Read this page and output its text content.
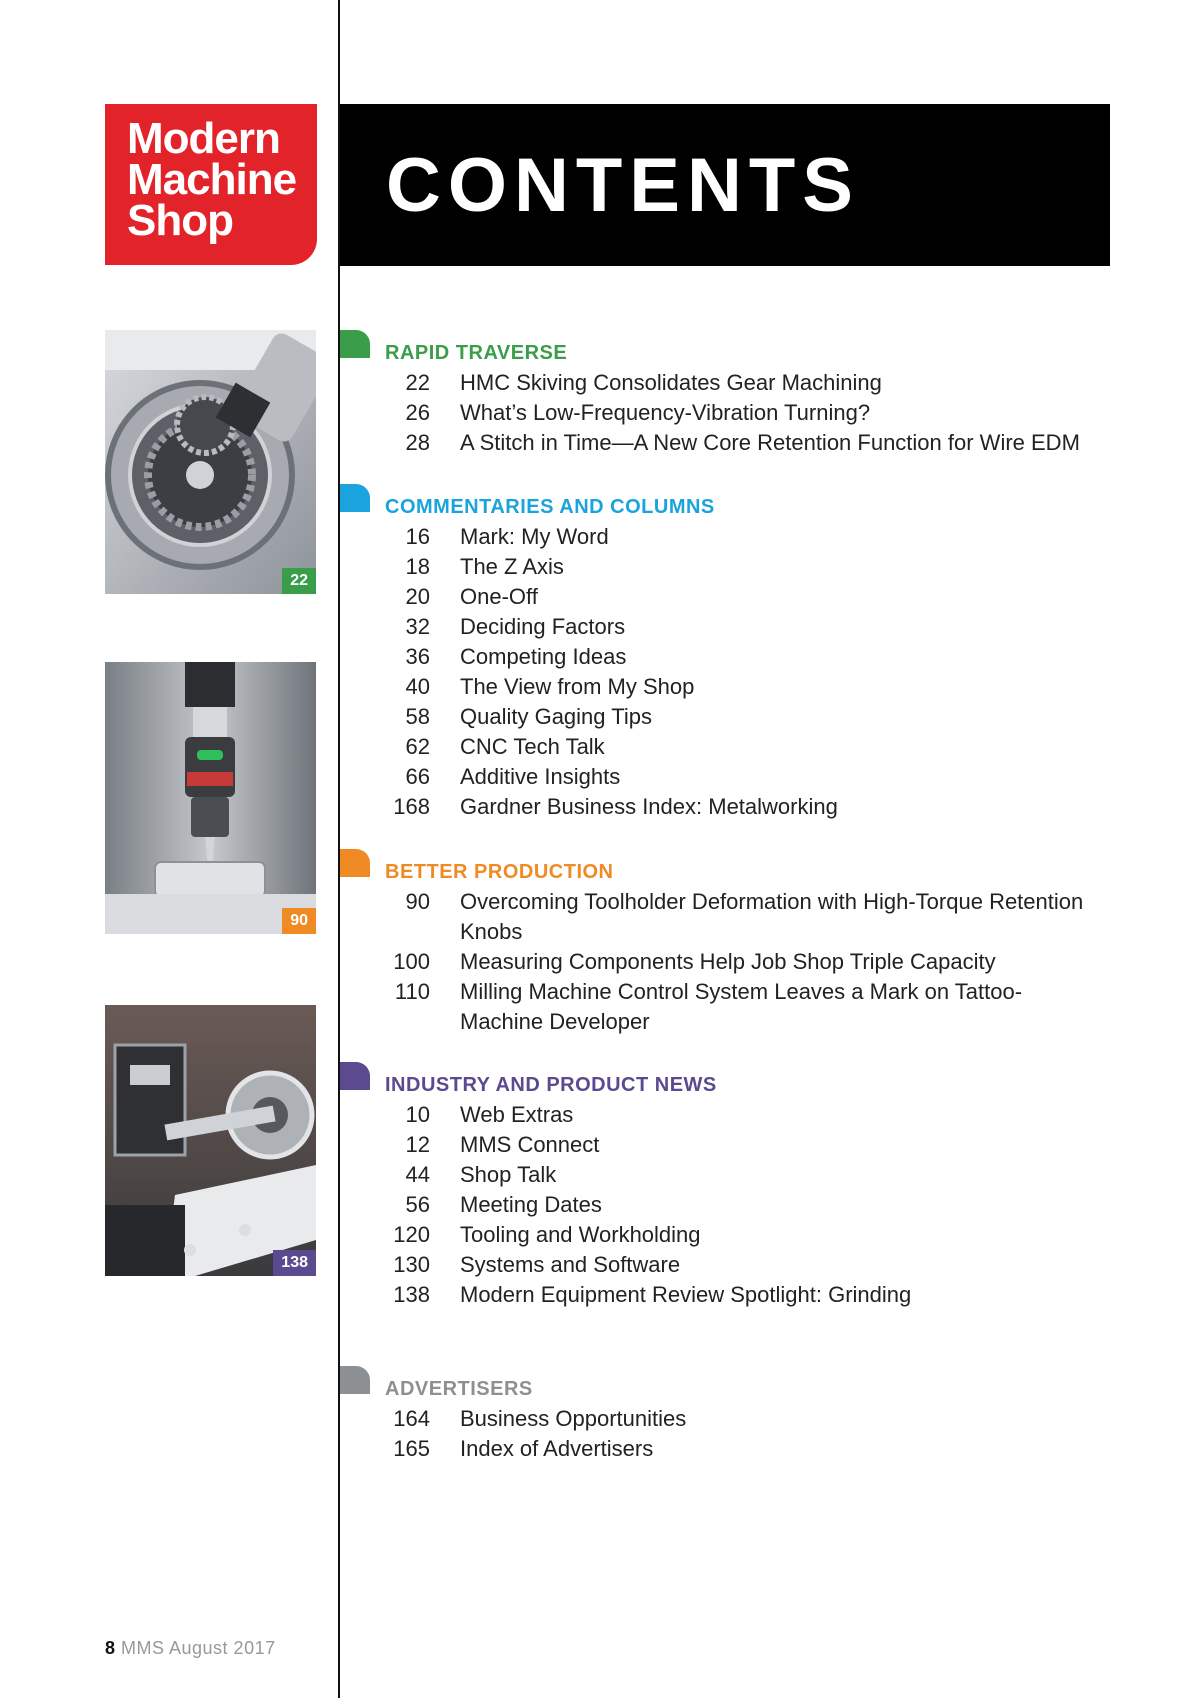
Modern
Machine
Shop	CONTENTS
22
90
138
RAPID TRAVERSE
22 HMC Skiving Consolidates Gear Machining
26 What’s Low-Frequency-Vibration Turning?
28 A Stitch in Time—A New Core Retention Function for Wire EDM
COMMENTARIES AND COLUMNS
16 Mark: My Word
18 The Z Axis
20 One-Off
32 Deciding Factors
36 Competing Ideas
40 The View from My Shop
58 Quality Gaging Tips
62 CNC Tech Talk
66 Additive Insights
168 Gardner Business Index: Metalworking
BETTER PRODUCTION
90 Overcoming Toolholder Deformation with High-Torque Retention Knobs
100 Measuring Components Help Job Shop Triple Capacity
110 Milling Machine Control System Leaves a Mark on Tattoo-Machine Developer
INDUSTRY AND PRODUCT NEWS
10 Web Extras
12 MMS Connect
44 Shop Talk
56 Meeting Dates
120 Tooling and Workholding
130 Systems and Software
138 Modern Equipment Review Spotlight: Grinding
ADVERTISERS
164 Business Opportunities
165 Index of Advertisers
8 MMS August 2017
